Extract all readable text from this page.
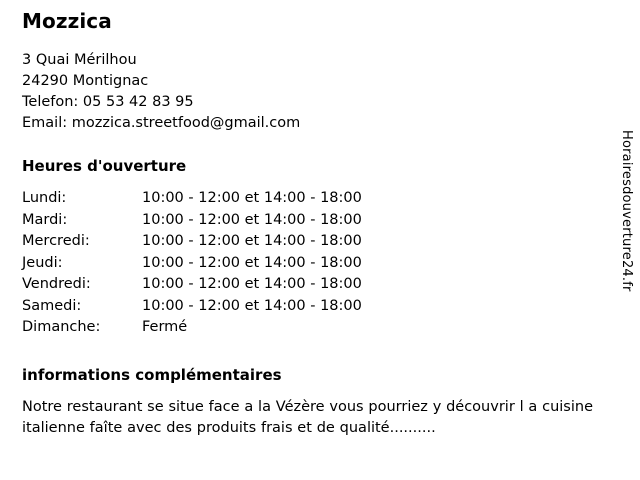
Mozzica

3 Quai Mérilhou

24290 Montignac

Telefon: 05 53 42 83 95

Email: mozzica.streetfood@gmail.com

Heures d'ouverture
Lundi:	10:00 - 12:00 et 14:00 - 18:00
Mardi:	10:00 - 12:00 et 14:00 - 18:00
Mercredi:	10:00 - 12:00 et 14:00 - 18:00
Jeudi:	10:00 - 12:00 et 14:00 - 18:00
Vendredi:	10:00 - 12:00 et 14:00 - 18:00
Samedi:	10:00 - 12:00 et 14:00 - 18:00
Dimanche:	Fermé
informations complémentaires

Notre restaurant se situe face a la Vézère vous pourriez y découvrir l a cuisine italienne faîte avec des produits frais et de qualité..........

Horairesdouverture24.fr
